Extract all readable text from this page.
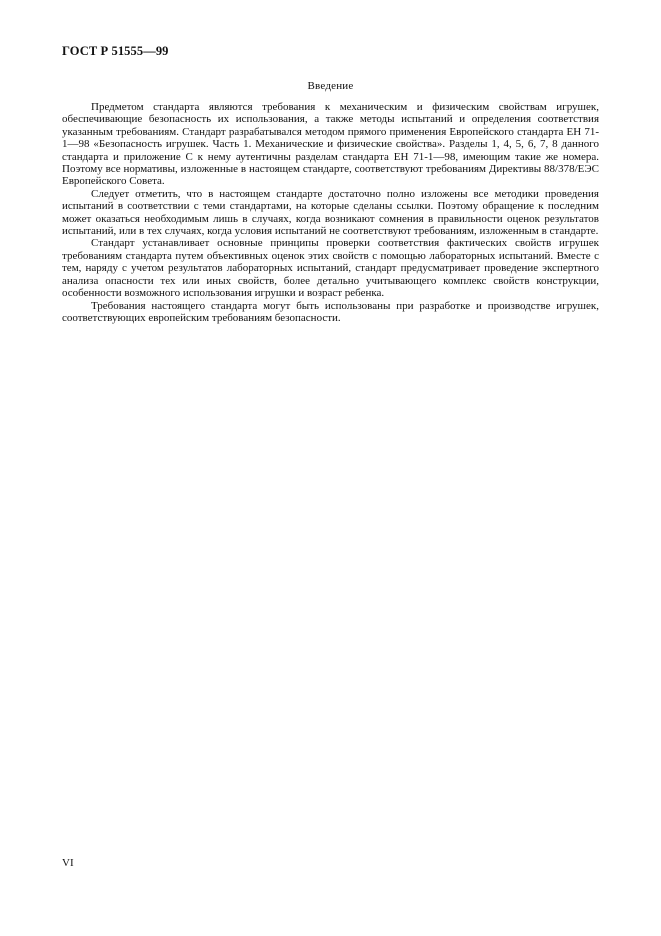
ГОСТ Р 51555—99
Введение

Предметом стандарта являются требования к механическим и физическим свойствам игрушек, обеспечивающие безопасность их использования, а также методы испытаний и определения соответствия указанным требованиям. Стандарт разрабатывался методом прямого применения Европейского стандарта ЕН 71-1—98 «Безопасность игрушек. Часть 1. Механические и физические свойства». Разделы 1, 4, 5, 6, 7, 8 данного стандарта и приложение С к нему аутентичны разделам стандарта ЕН 71-1—98, имеющим такие же номера. Поэтому все нормативы, изложенные в настоящем стандарте, соответствуют требованиям Директивы 88/378/ЕЭС Европейского Совета.

Следует отметить, что в настоящем стандарте достаточно полно изложены все методики проведения испытаний в соответствии с теми стандартами, на которые сделаны ссылки. Поэтому обращение к последним может оказаться необходимым лишь в случаях, когда возникают сомнения в правильности оценок результатов испытаний, или в тех случаях, когда условия испытаний не соответствуют требованиям, изложенным в стандарте.

Стандарт устанавливает основные принципы проверки соответствия фактических свойств игрушек требованиям стандарта путем объективных оценок этих свойств с помощью лабораторных испытаний. Вместе с тем, наряду с учетом результатов лабораторных испытаний, стандарт предусматривает проведение экспертного анализа опасности тех или иных свойств, более детально учитывающего комплекс свойств конструкции, особенности возможного использования игрушки и возраст ребенка.

Требования настоящего стандарта могут быть использованы при разработке и производстве игрушек, соответствующих европейским требованиям безопасности.

VI
